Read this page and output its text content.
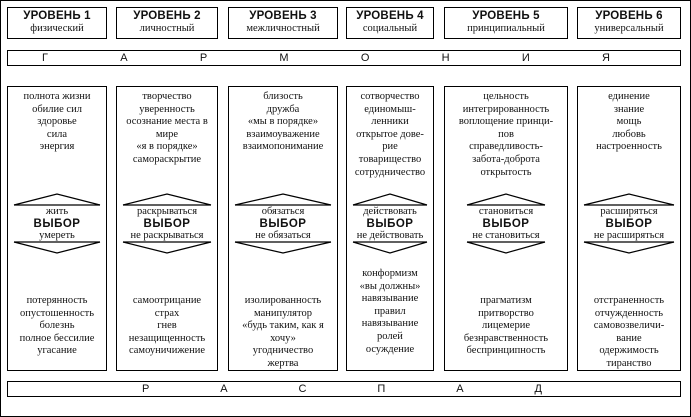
УРОВЕНЬ 1
физический
УРОВЕНЬ 2
личностный
УРОВЕНЬ 3
межличностный
УРОВЕНЬ 4
социальный
УРОВЕНЬ 5
принципиальный
УРОВЕНЬ 6
универсальный
Г	А	Р	М	О	Н	И	Я
полнота жизни
обилие сил
здоровье
сила
энергия
жить
ВЫБОР
умереть
потерянность
опустошенность
болезнь
полное бессилие
угасание
творчество
уверенность
осознание места в
мире
«я в порядке»
самораскрытие
раскрываться
ВЫБОР
не раскрываться
самоотрицание
страх
гнев
незащищенность
самоуничижение
близость
дружба
«мы в порядке»
взаимоуважение
взаимопонимание
обязаться
ВЫБОР
не обязаться
изолированность
манипулятор
«будь таким, как я
хочу»
угодничество
жертва
сотворчество
единомыш-
ленники
открытое дове-
рие
товарищество
сотрудничество
действовать
ВЫБОР
не действовать
конформизм
«вы должны»
навязывание
правил
навязывание
ролей
осуждение
цельность
интегрированность
воплощение принци-
пов
справедливость-
забота-доброта
открытость
становиться
ВЫБОР
не становиться
прагматизм
притворство
лицемерие
безнравственность
беспринципность
единение
знание
мощь
любовь
настроенность
расширяться
ВЫБОР
не расширяться
отстраненность
отчужденность
самовозвеличи-
вание
одержимость
тиранство
Р	А	С	П	А	Д
